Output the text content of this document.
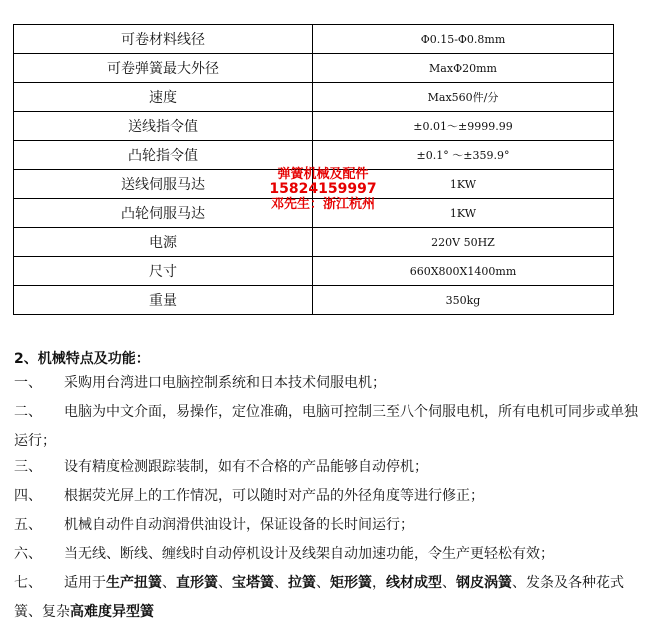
可卷材料线径	Φ0.15-Φ0.8mm
可卷弹簧最大外径	MaxΦ20mm
速度	Max560件/分
送线指令值	±0.01～±9999.99
凸轮指令值	±0.1° ～±359.9°
送线伺服马达	1KW
凸轮伺服马达	1KW
电源	220V 50HZ
尺寸	660X800X1400mm
重量	350kg
弹簧机械及配件
15824159997
邓先生：浙江杭州
2、机械特点及功能：
一、 采购用台湾进口电脑控制系统和日本技术伺服电机；
二、 电脑为中文介面，易操作，定位准确，电脑可控制三至八个伺服电机，所有电机可同步或单独运行；
三、 设有精度检测跟踪装制，如有不合格的产品能够自动停机；
四、 根据荧光屏上的工作情况，可以随时对产品的外径角度等进行修正；
五、 机械自动件自动润滑供油设计，保证设备的长时间运行；
六、 当无线、断线、缠线时自动停机设计及线架自动加速功能，令生产更轻松有效；
七、 适用于生产扭簧、直形簧、宝塔簧、拉簧、矩形簧，线材成型、钢皮涡簧、发条及各种花式簧、复杂高难度异型簧
